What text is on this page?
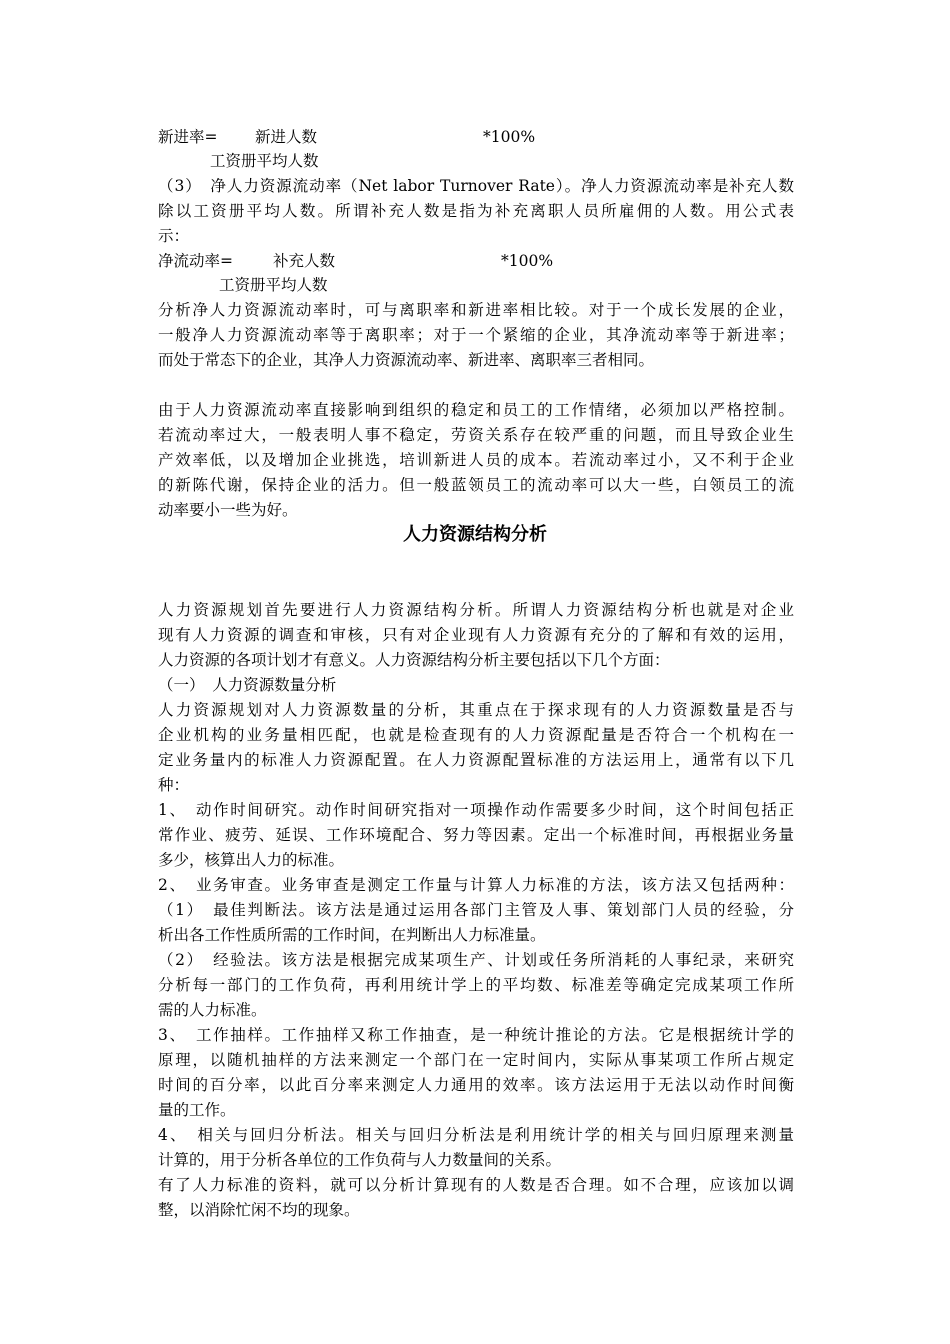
新进率= 新进人数	*100%
工资册平均人数
（3）　净人力资源流动率（Net labor Turnover Rate）。净人力资源流动率是补充人数
除以工资册平均人数。所谓补充人数是指为补充离职人员所雇佣的人数。用公式表
示：
净流动率=	补充人数	*100%
工资册平均人数
分析净人力资源流动率时，可与离职率和新进率相比较。对于一个成长发展的企业，
一般净人力资源流动率等于离职率；对于一个紧缩的企业，其净流动率等于新进率；
而处于常态下的企业，其净人力资源流动率、新进率、离职率三者相同。
由于人力资源流动率直接影响到组织的稳定和员工的工作情绪，必须加以严格控制。
若流动率过大，一般表明人事不稳定，劳资关系存在较严重的问题，而且导致企业生
产效率低，以及增加企业挑选，培训新进人员的成本。若流动率过小，又不利于企业
的新陈代谢，保持企业的活力。但一般蓝领员工的流动率可以大一些，白领员工的流
动率要小一些为好。
人力资源结构分析
人力资源规划首先要进行人力资源结构分析。所谓人力资源结构分析也就是对企业
现有人力资源的调查和审核，只有对企业现有人力资源有充分的了解和有效的运用，
人力资源的各项计划才有意义。人力资源结构分析主要包括以下几个方面：
（一）　人力资源数量分析
人力资源规划对人力资源数量的分析，其重点在于探求现有的人力资源数量是否与
企业机构的业务量相匹配，也就是检查现有的人力资源配量是否符合一个机构在一
定业务量内的标准人力资源配置。在人力资源配置标准的方法运用上，通常有以下几
种：
1、　动作时间研究。动作时间研究指对一项操作动作需要多少时间，这个时间包括正
常作业、疲劳、延误、工作环境配合、努力等因素。定出一个标准时间，再根据业务量
多少，核算出人力的标准。
2、　业务审查。业务审查是测定工作量与计算人力标准的方法，该方法又包括两种：
（1）　最佳判断法。该方法是通过运用各部门主管及人事、策划部门人员的经验，分
析出各工作性质所需的工作时间，在判断出人力标准量。
（2）　经验法。该方法是根据完成某项生产、计划或任务所消耗的人事纪录，来研究
分析每一部门的工作负荷，再利用统计学上的平均数、标准差等确定完成某项工作所
需的人力标准。
3、　工作抽样。工作抽样又称工作抽查，是一种统计推论的方法。它是根据统计学的
原理，以随机抽样的方法来测定一个部门在一定时间内，实际从事某项工作所占规定
时间的百分率，以此百分率来测定人力通用的效率。该方法运用于无法以动作时间衡
量的工作。
4、　相关与回归分析法。相关与回归分析法是利用统计学的相关与回归原理来测量
计算的，用于分析各单位的工作负荷与人力数量间的关系。
有了人力标准的资料，就可以分析计算现有的人数是否合理。如不合理，应该加以调
整，以消除忙闲不均的现象。
